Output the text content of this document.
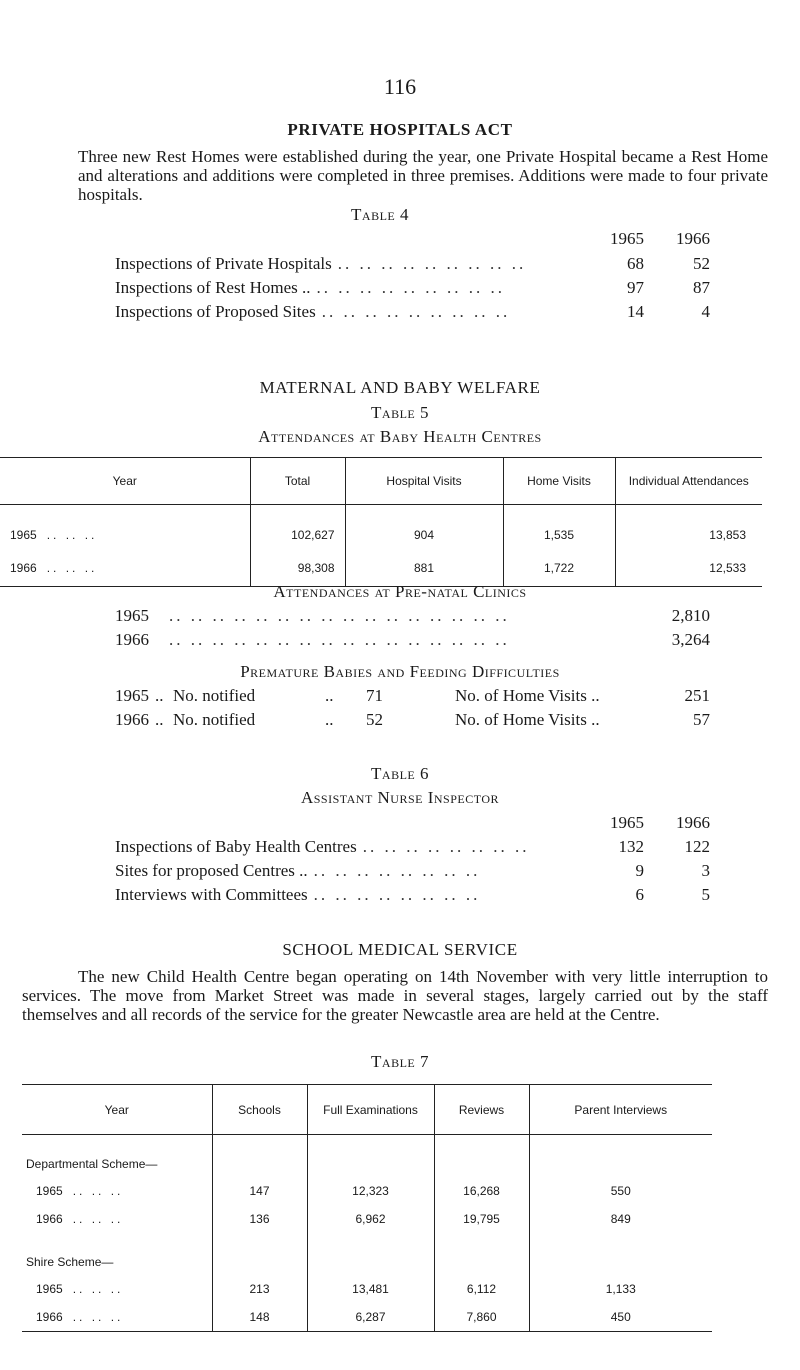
116
PRIVATE HOSPITALS ACT
Three new Rest Homes were established during the year, one Private Hospital became a Rest Home and alterations and additions were completed in three premises. Additions were made to four private hospitals.
Table 4
1965	1966
Inspections of Private Hospitals .. .. .. .. .. .. .. .. ..	68	52
Inspections of Rest Homes .. .. .. .. .. .. .. .. .. ..	97	87
Inspections of Proposed Sites .. .. .. .. .. .. .. .. ..	14	4
MATERNAL AND BABY WELFARE
Table 5
Attendances at Baby Health Centres
Year	Total	Hospital Visits	Home Visits	Individual Attendances
1965 .. .. ..	102,627	904	1,535	13,853
1966 .. .. ..	98,308	881	1,722	12,533
Attendances at Pre-natal Clinics
1965	.. .. .. .. .. .. .. .. .. .. .. .. .. .. .. ..	2,810
1966	.. .. .. .. .. .. .. .. .. .. .. .. .. .. .. ..	3,264
Premature Babies and Feeding Difficulties
1965 .. No. notified	..	71	No. of Home Visits ..	251
1966 .. No. notified	..	52	No. of Home Visits ..	57
Table 6
Assistant Nurse Inspector
1965	1966
Inspections of Baby Health Centres .. .. .. .. .. .. .. ..	132	122
Sites for proposed Centres .. .. .. .. .. .. .. .. ..	9	3
Interviews with Committees .. .. .. .. .. .. .. ..	6	5
SCHOOL MEDICAL SERVICE
The new Child Health Centre began operating on 14th November with very little interruption to services. The move from Market Street was made in several stages, largely carried out by the staff themselves and all records of the service for the greater Newcastle area are held at the Centre.
Table 7
Year	Schools	Full Examinations	Reviews	Parent Interviews
Departmental Scheme—				
1965 .. .. ..	147	12,323	16,268	550
1966 .. .. ..	136	6,962	19,795	849
Shire Scheme—				
1965 .. .. ..	213	13,481	6,112	1,133
1966 .. .. ..	148	6,287	7,860	450
